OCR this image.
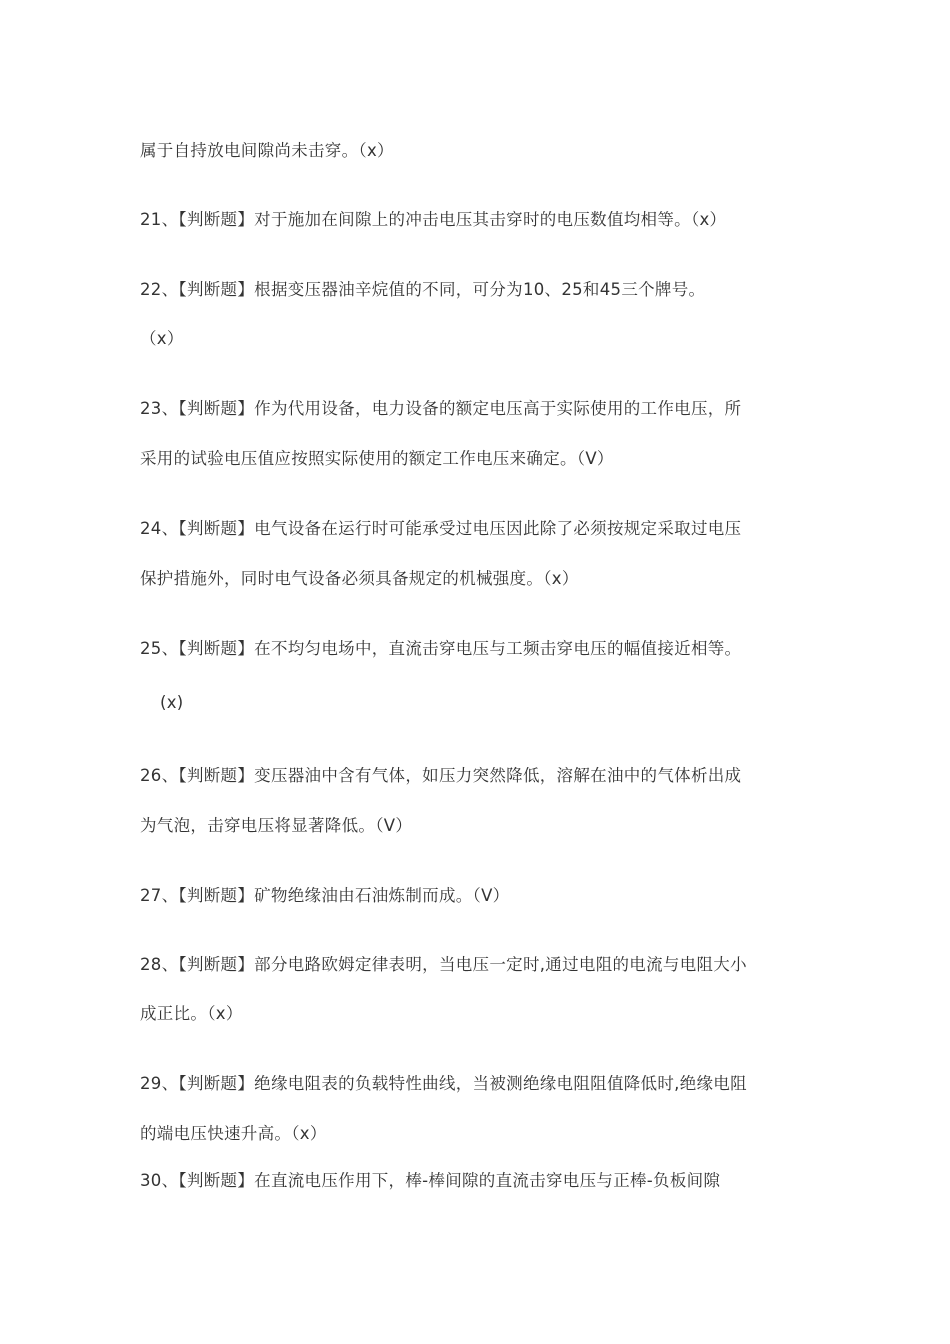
属于自持放电间隙尚未击穿。（x）
21、【判断题】对于施加在间隙上的冲击电压其击穿时的电压数值均相等。（x）
22、【判断题】根据变压器油辛烷值的不同，可分为10、25和45三个牌号。
（x）
23、【判断题】作为代用设备，电力设备的额定电压高于实际使用的工作电压，所
采用的试验电压值应按照实际使用的额定工作电压来确定。（V）
24、【判断题】电气设备在运行时可能承受过电压因此除了必须按规定采取过电压
保护措施外，同时电气设备必须具备规定的机械强度。（x）
25、【判断题】在不均匀电场中，直流击穿电压与工频击穿电压的幅值接近相等。
(x)
26、【判断题】变压器油中含有气体，如压力突然降低，溶解在油中的气体析出成
为气泡，击穿电压将显著降低。（V）
27、【判断题】矿物绝缘油由石油炼制而成。（V）
28、【判断题】部分电路欧姆定律表明，当电压一定时,通过电阻的电流与电阻大小
成正比。（x）
29、【判断题】绝缘电阻表的负载特性曲线，当被测绝缘电阻阻值降低时,绝缘电阻
的端电压快速升高。（x）
30、【判断题】在直流电压作用下，棒-棒间隙的直流击穿电压与正棒-负板间隙
